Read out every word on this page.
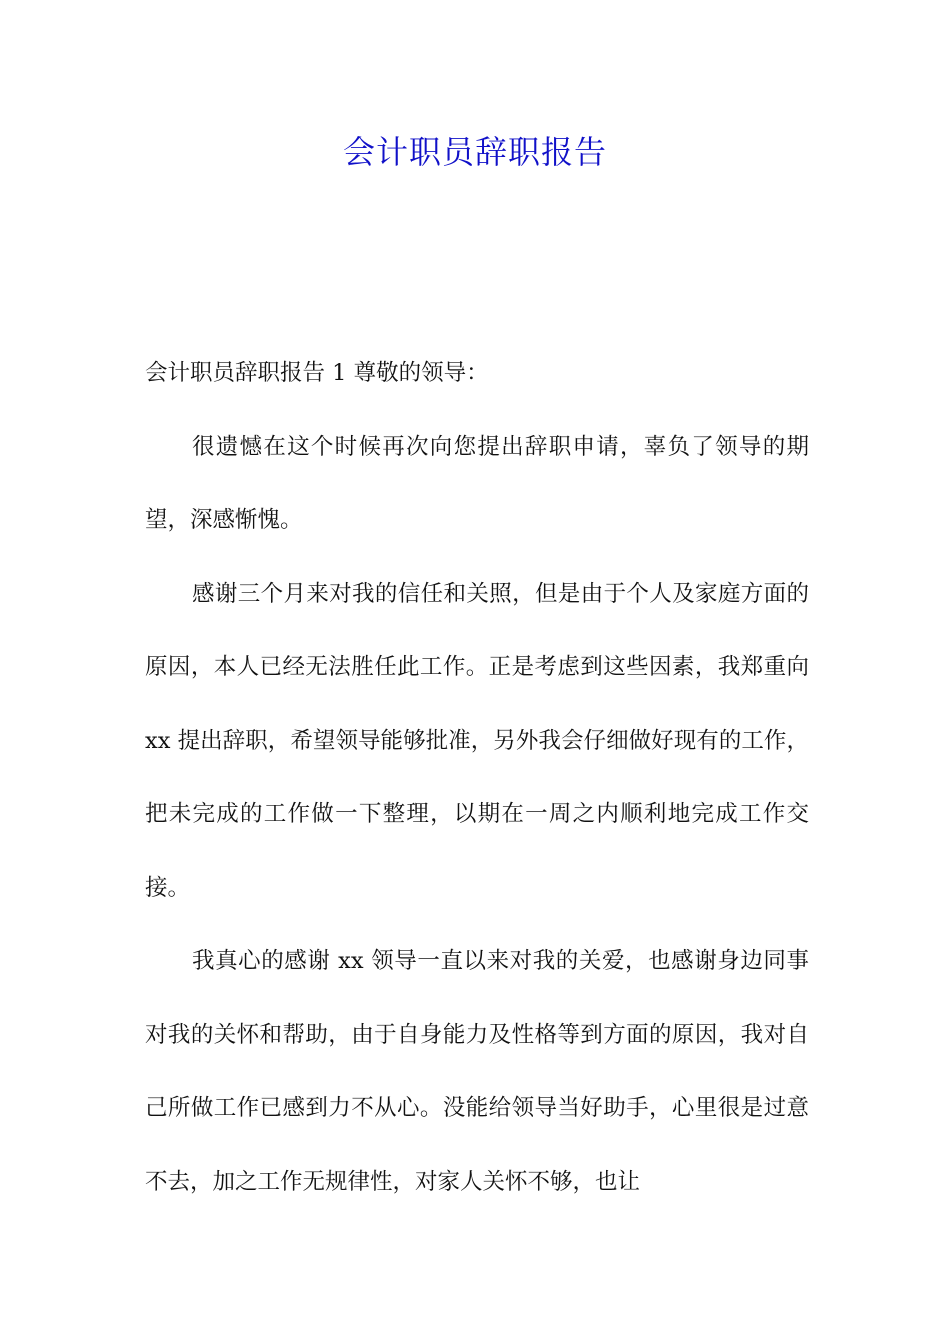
会计职员辞职报告

会计职员辞职报告 1 尊敬的领导：

很遗憾在这个时候再次向您提出辞职申请，辜负了领导的期望，深感惭愧。

感谢三个月来对我的信任和关照，但是由于个人及家庭方面的原因，本人已经无法胜任此工作。正是考虑到这些因素，我郑重向 xx 提出辞职，希望领导能够批准，另外我会仔细做好现有的工作，把未完成的工作做一下整理，以期在一周之内顺利地完成工作交接。

我真心的感谢 xx 领导一直以来对我的关爱，也感谢身边同事对我的关怀和帮助，由于自身能力及性格等到方面的原因，我对自己所做工作已感到力不从心。没能给领导当好助手，心里很是过意不去，加之工作无规律性，对家人关怀不够，也让
